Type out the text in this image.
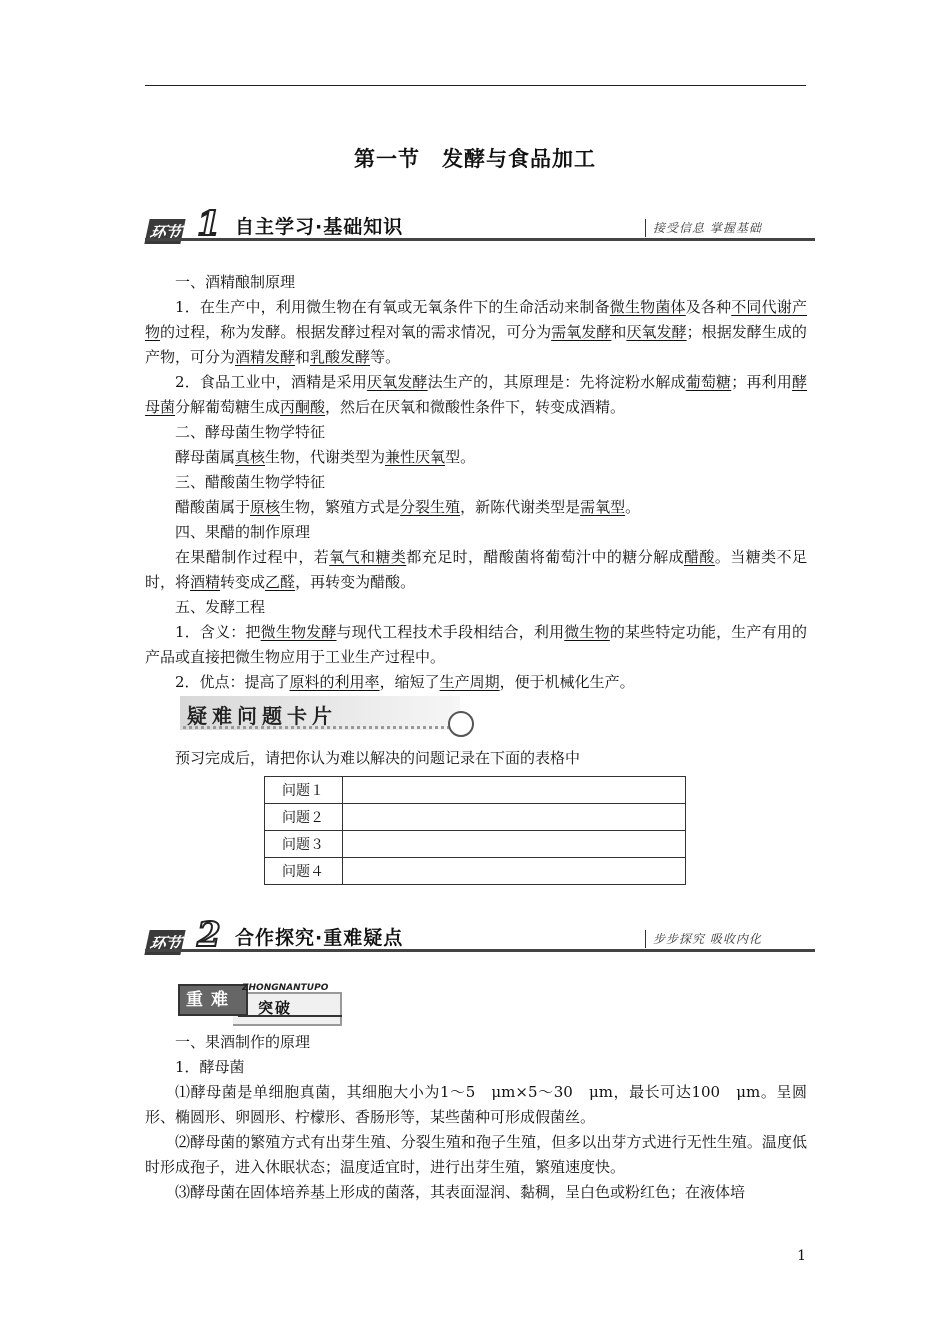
第一节 发酵与食品加工
环节 1 自主学习·基础知识	接受信息 掌握基础

一、酒精酿制原理

1．在生产中，利用微生物在有氧或无氧条件下的生命活动来制备微生物菌体及各种不同代谢产物的过程，称为发酵。根据发酵过程对氧的需求情况，可分为需氧发酵和厌氧发酵；根据发酵生成的产物，可分为酒精发酵和乳酸发酵等。

2．食品工业中，酒精是采用厌氧发酵法生产的，其原理是：先将淀粉水解成葡萄糖；再利用酵母菌分解葡萄糖生成丙酮酸，然后在厌氧和微酸性条件下，转变成酒精。

二、酵母菌生物学特征

酵母菌属真核生物，代谢类型为兼性厌氧型。

三、醋酸菌生物学特征

醋酸菌属于原核生物，繁殖方式是分裂生殖，新陈代谢类型是需氧型。

四、果醋的制作原理

在果醋制作过程中，若氧气和糖类都充足时，醋酸菌将葡萄汁中的糖分解成醋酸。当糖类不足时，将酒精转变成乙醛，再转变为醋酸。

五、发酵工程

1．含义：把微生物发酵与现代工程技术手段相结合，利用微生物的某些特定功能，生产有用的产品或直接把微生物应用于工业生产过程中。

2．优点：提高了原料的利用率，缩短了生产周期，便于机械化生产。

疑难问题卡片

预习完成后，请把你认为难以解决的问题记录在下面的表格中

问题１	
问题２	
问题３	
问题４	
环节 2 合作探究·重难疑点	步步探究 吸收内化
重难
ZHONGNANTUPO
突破

一、果酒制作的原理

1．酵母菌

⑴酵母菌是单细胞真菌，其细胞大小为1～5　μm×5～30　μm，最长可达100　μm。呈圆形、椭圆形、卵圆形、柠檬形、香肠形等，某些菌种可形成假菌丝。

⑵酵母菌的繁殖方式有出芽生殖、分裂生殖和孢子生殖，但多以出芽方式进行无性生殖。温度低时形成孢子，进入休眠状态；温度适宜时，进行出芽生殖，繁殖速度快。

⑶酵母菌在固体培养基上形成的菌落，其表面湿润、黏稠，呈白色或粉红色；在液体培

1
